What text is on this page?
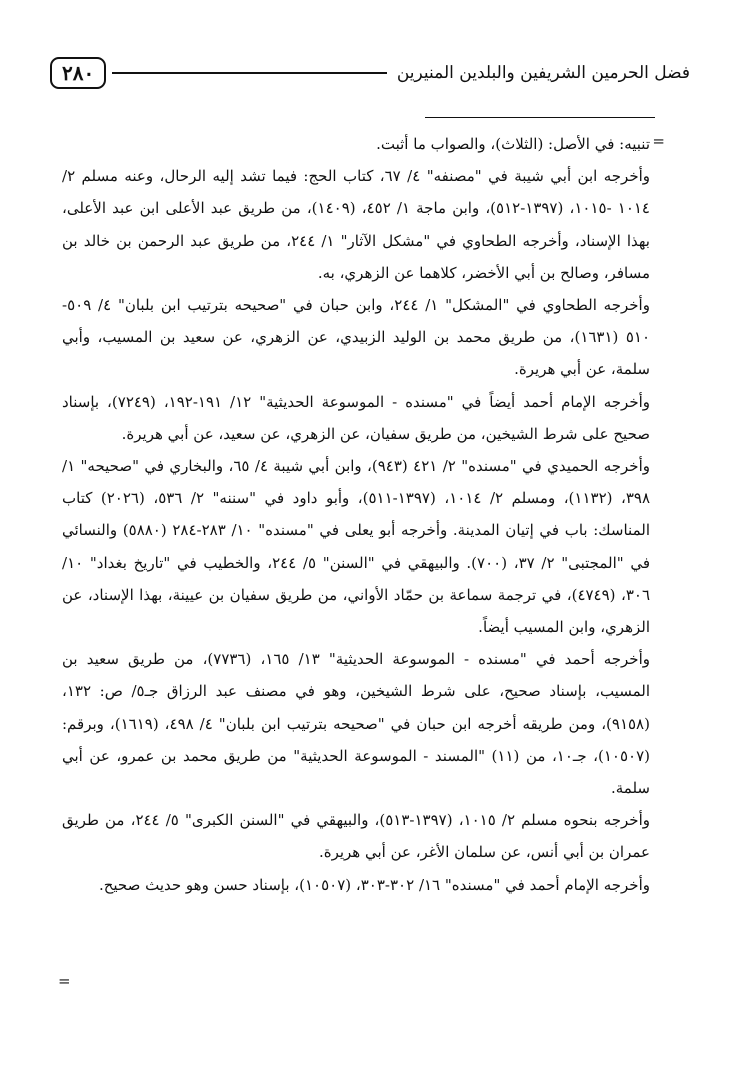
٢٨٠	فضل الحرمين الشريفين والبلدين المنيرين
=

تنبيه: في الأصل: (الثلاث)، والصواب ما أثبت.

وأخرجه ابن أبي شيبة في "مصنفه" ٤/ ٦٧، كتاب الحج: فيما تشد إليه الرحال، وعنه مسلم ٢/ ١٠١٤ -١٠١٥، (١٣٩٧-٥١٢)، وابن ماجة ١/ ٤٥٢، (١٤٠٩)، من طريق عبد الأعلى ابن عبد الأعلى، بهذا الإسناد، وأخرجه الطحاوي في "مشكل الآثار" ١/ ٢٤٤، من طريق عبد الرحمن بن خالد بن مسافر، وصالح بن أبي الأخضر، كلاهما عن الزهري، به.

وأخرجه الطحاوي في "المشكل" ١/ ٢٤٤، وابن حبان في "صحيحه بترتيب ابن بلبان" ٤/ ٥٠٩- ٥١٠ (١٦٣١)، من طريق محمد بن الوليد الزبيدي، عن الزهري، عن سعيد بن المسيب، وأبي سلمة، عن أبي هريرة.

وأخرجه الإمام أحمد أيضاً في "مسنده - الموسوعة الحديثية" ١٢/ ١٩١-١٩٢، (٧٢٤٩)، بإسناد صحيح على شرط الشيخين، من طريق سفيان، عن الزهري، عن سعيد، عن أبي هريرة.

وأخرجه الحميدي في "مسنده" ٢/ ٤٢١ (٩٤٣)، وابن أبي شيبة ٤/ ٦٥، والبخاري في "صحيحه" ١/ ٣٩٨، (١١٣٢)، ومسلم ٢/ ١٠١٤، (١٣٩٧-٥١١)، وأبو داود في "سننه" ٢/ ٥٣٦، (٢٠٢٦) كتاب المناسك: باب في إتيان المدينة. وأخرجه أبو يعلى في "مسنده" ١٠/ ٢٨٣-٢٨٤ (٥٨٨٠) والنسائي في "المجتبى" ٢/ ٣٧، (٧٠٠). والبيهقي في "السنن" ٥/ ٢٤٤، والخطيب في "تاريخ بغداد" ١٠/ ٣٠٦، (٤٧٤٩)، في ترجمة سماعة بن حمّاد الأواني، من طريق سفيان بن عيينة، بهذا الإسناد، عن الزهري، وابن المسيب أيضاً.

وأخرجه أحمد في "مسنده - الموسوعة الحديثية" ١٣/ ١٦٥، (٧٧٣٦)، من طريق سعيد بن المسيب، بإسناد صحيح، على شرط الشيخين، وهو في مصنف عبد الرزاق جـ٥/ ص: ١٣٢، (٩١٥٨)، ومن طريقه أخرجه ابن حبان في "صحيحه بترتيب ابن بلبان" ٤/ ٤٩٨، (١٦١٩)، وبرقم: (١٠٥٠٧)، جـ١٠، من (١١) "المسند - الموسوعة الحديثية" من طريق محمد بن عمرو، عن أبي سلمة.

وأخرجه بنحوه مسلم ٢/ ١٠١٥، (١٣٩٧-٥١٣)، والبيهقي في "السنن الكبرى" ٥/ ٢٤٤، من طريق عمران بن أبي أنس، عن سلمان الأغر، عن أبي هريرة.

وأخرجه الإمام أحمد في "مسنده" ١٦/ ٣٠٢-٣٠٣، (١٠٥٠٧)، بإسناد حسن وهو حديث صحيح.

=
